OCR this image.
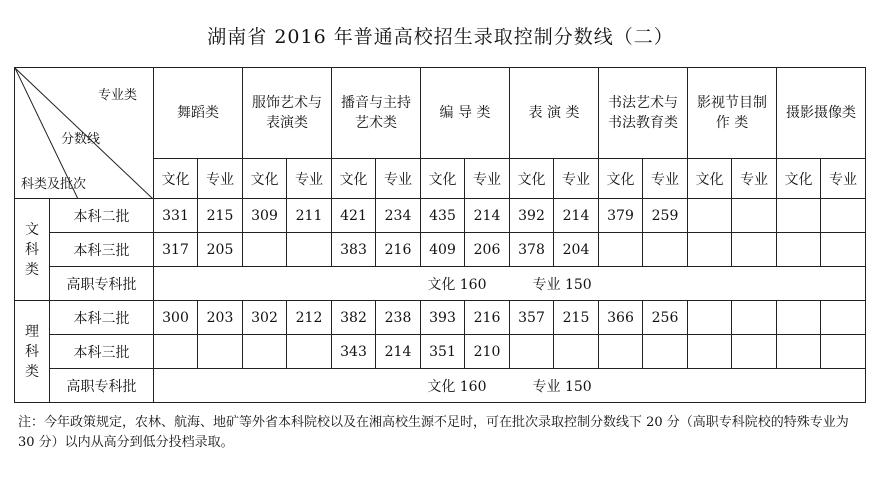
湖南省 2016 年普通高校招生录取控制分数线（二）
专业类
分数线
科类及批次		舞蹈类		服饰艺术与表演类		播音与主持艺术类		编 导 类		表 演 类		书法艺术与书法教育类		影视节目制 作 类		摄影摄像类	
		文化	专业	文化	专业	文化	专业	文化	专业	文化	专业	文化	专业	文化	专业	文化	专业
文科类	本科二批	331	215	309	211	421	234	435	214	392	214	379	259				
	本科三批	317	205			383	216	409	206	378	204						
	高职专科批	文化 160 专业 150															
理科类	本科二批	300	203	302	212	382	238	393	216	357	215	366	256				
	本科三批					343	214	351	210								
	高职专科批	文化 160 专业 150															
注：今年政策规定，农林、航海、地矿等外省本科院校以及在湘高校生源不足时，可在批次录取控制分数线下 20 分（高职专科院校的特殊专业为 30 分）以内从高分到低分投档录取。
